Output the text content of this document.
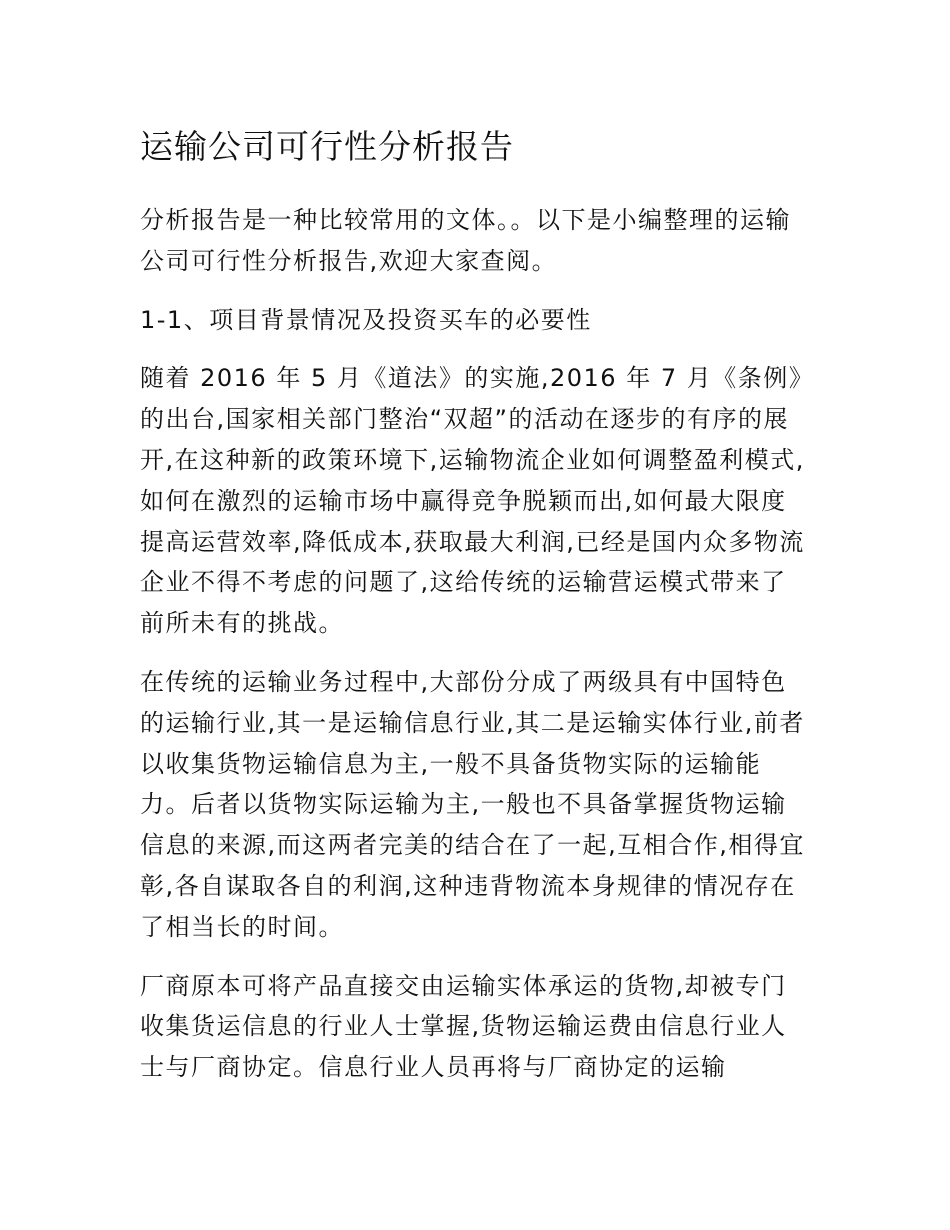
运输公司可行性分析报告

分析报告是一种比较常用的文体。。以下是小编整理的运输公司可行性分析报告,欢迎大家查阅。

1-1、项目背景情况及投资买车的必要性

随着 2016 年 5 月《道法》的实施,2016 年 7 月《条例》的出台,国家相关部门整治“双超”的活动在逐步的有序的展开,在这种新的政策环境下,运输物流企业如何调整盈利模式,如何在激烈的运输市场中赢得竞争脱颖而出,如何最大限度提高运营效率,降低成本,获取最大利润,已经是国内众多物流企业不得不考虑的问题了,这给传统的运输营运模式带来了前所未有的挑战。

在传统的运输业务过程中,大部份分成了两级具有中国特色的运输行业,其一是运输信息行业,其二是运输实体行业,前者以收集货物运输信息为主,一般不具备货物实际的运输能力。后者以货物实际运输为主,一般也不具备掌握货物运输信息的来源,而这两者完美的结合在了一起,互相合作,相得宜彰,各自谋取各自的利润,这种违背物流本身规律的情况存在了相当长的时间。

厂商原本可将产品直接交由运输实体承运的货物,却被专门收集货运信息的行业人士掌握,货物运输运费由信息行业人士与厂商协定。信息行业人员再将与厂商协定的运输
